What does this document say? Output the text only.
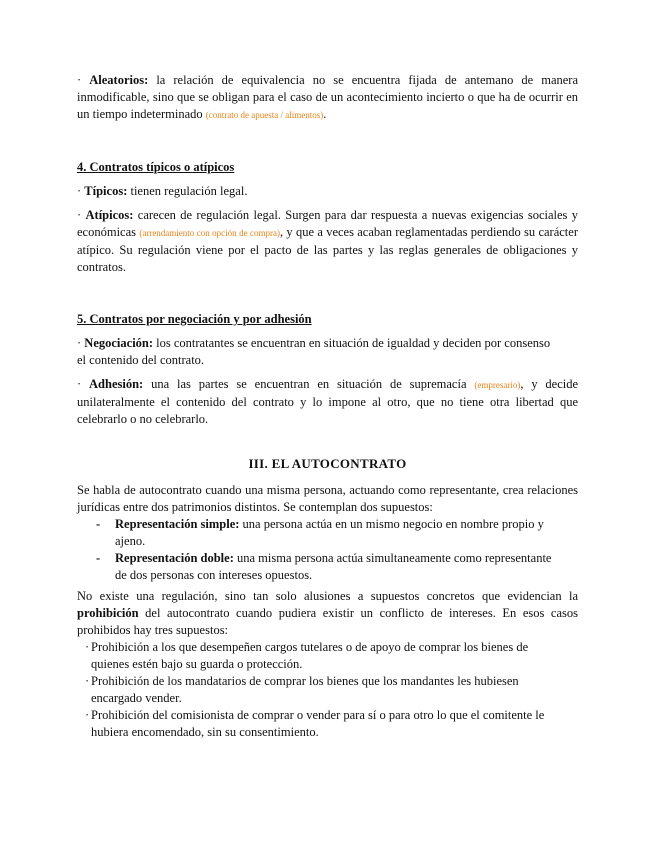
· Aleatorios: la relación de equivalencia no se encuentra fijada de antemano de manera inmodificable, sino que se obligan para el caso de un acontecimiento incierto o que ha de ocurrir en un tiempo indeterminado (contrato de apuesta / alimentos).

4. Contratos típicos o atípicos

· Típicos: tienen regulación legal.

· Atípicos: carecen de regulación legal. Surgen para dar respuesta a nuevas exigencias sociales y económicas (arrendamiento con opción de compra), y que a veces acaban reglamentadas perdiendo su carácter atípico. Su regulación viene por el pacto de las partes y las reglas generales de obligaciones y contratos.

5. Contratos por negociación y por adhesión

· Negociación: los contratantes se encuentran en situación de igualdad y deciden por consenso
el contenido del contrato.

· Adhesión: una las partes se encuentran en situación de supremacía (empresario), y decide unilateralmente el contenido del contrato y lo impone al otro, que no tiene otra libertad que celebrarlo o no celebrarlo.

III. EL AUTOCONTRATO

Se habla de autocontrato cuando una misma persona, actuando como representante, crea relaciones jurídicas entre dos patrimonios distintos. Se contemplan dos supuestos:

- Representación simple: una persona actúa en un mismo negocio en nombre propio y
ajeno.

- Representación doble: una misma persona actúa simultaneamente como representante
de dos personas con intereses opuestos.

No existe una regulación, sino tan solo alusiones a supuestos concretos que evidencian la prohibición del autocontrato cuando pudiera existir un conflicto de intereses. En esos casos prohibidos hay tres supuestos:

· Prohibición a los que desempeñen cargos tutelares o de apoyo de comprar los bienes de
quienes estén bajo su guarda o protección.

· Prohibición de los mandatarios de comprar los bienes que los mandantes les hubiesen
encargado vender.

· Prohibición del comisionista de comprar o vender para sí o para otro lo que el comitente le
hubiera encomendado, sin su consentimiento.
